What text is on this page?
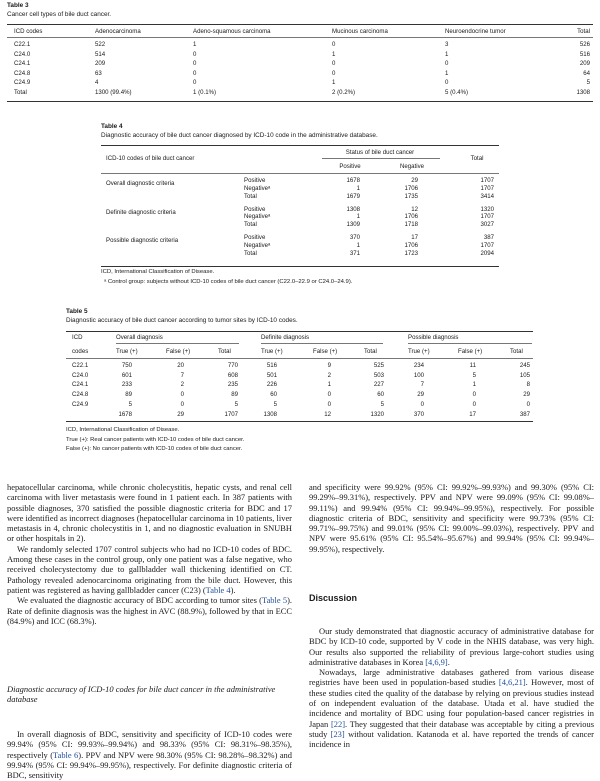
Table 3
Cancer cell types of bile duct cancer.
ICD codes	Adenocarcinoma	Adeno-squamous carcinoma	Mucinous carcinoma	Neuroendocrine tumor	Total
C22.1	522	1	0	3	526
C24.0	514	0	1	1	516
C24.1	209	0	0	0	209
C24.8	63	0	0	1	64
C24.9	4	0	1	0	5
Total	1300 (99.4%)	1 (0.1%)	2 (0.2%)	5 (0.4%)	1308
Table 4
Diagnostic accuracy of bile duct cancer diagnosed by ICD-10 code in the administrative database.
ICD-10 codes of bile duct cancer
Status of bile duct cancer
Positive	Negative
Total
Overall diagnostic criteria	Positive	1678	29	1707
Negativeᵃ	1	1706	1707
Total	1679	1735	3414
Definite diagnostic criteria	Positive	1308	12	1320
Negativeᵃ	1	1706	1707
Total	1309	1718	3027
Possible diagnostic criteria	Positive	370	17	387
Negativeᵃ	1	1706	1707
Total	371	1723	2094
ICD, International Classification of Disease.
ᵃ Control group: subjects without ICD-10 codes of bile duct cancer (C22.0–22.9 or C24.0–24.9).
Table 5
Diagnostic accuracy of bile duct cancer according to tumor sites by ICD-10 codes.
ICD
codes
Overall diagnosis
True (+)	False (+)	Total
Definite diagnosis
True (+)	False (+)	Total
Possible diagnosis
True (+)	False (+)	Total
C22.1	750	20	770	516	9	525	234	11	245
C24.0	601	7	608	501	2	503	100	5	105
C24.1	233	2	235	226	1	227	7	1	8
C24.8	89	0	89	60	0	60	29	0	29
C24.9	5	0	5	5	0	5	0	0	0
1678	29	1707	1308	12	1320	370	17	387
ICD, International Classification of Disease.
True (+): Real cancer patients with ICD-10 codes of bile duct cancer.
False (+): No cancer patients with ICD-10 codes of bile duct cancer.

hepatocellular carcinoma, while chronic cholecystitis, hepatic cysts, and renal cell carcinoma with liver metastasis were found in 1 patient each. In 387 patients with possible diagnoses, 370 satisfied the possible diagnostic criteria for BDC and 17 were identified as incorrect diagnoses (hepatocellular carcinoma in 10 patients, liver metastasis in 4, chronic cholecystitis in 1, and no diagnostic evaluation in SNUBH or other hospitals in 2).

We randomly selected 1707 control subjects who had no ICD-10 codes of BDC. Among these cases in the control group, only one patient was a false negative, who received cholecystectomy due to gallbladder wall thickening identified on CT. Pathology revealed adenocarcinoma originating from the bile duct. However, this patient was registered as having gallbladder cancer (C23) (Table 4).

We evaluated the diagnostic accuracy of BDC according to tumor sites (Table 5). Rate of definite diagnosis was the highest in AVC (88.9%), followed by that in ECC (84.9%) and ICC (68.3%).

Diagnostic accuracy of ICD-10 codes for bile duct cancer in the administrative database

In overall diagnosis of BDC, sensitivity and specificity of ICD-10 codes were 99.94% (95% CI: 99.93%–99.94%) and 98.33% (95% CI: 98.31%–98.35%), respectively (Table 6). PPV and NPV were 98.30% (95% CI: 98.28%–98.32%) and 99.94% (95% CI: 99.94%–99.95%), respectively. For definite diagnostic criteria of BDC, sensitivity

and specificity were 99.92% (95% CI: 99.92%–99.93%) and 99.30% (95% CI: 99.29%–99.31%), respectively. PPV and NPV were 99.09% (95% CI: 99.08%–99.11%) and 99.94% (95% CI: 99.94%–99.95%), respectively. For possible diagnostic criteria of BDC, sensitivity and specificity were 99.73% (95% CI: 99.71%–99.75%) and 99.01% (95% CI: 99.00%–99.03%), respectively. PPV and NPV were 95.61% (95% CI: 95.54%–95.67%) and 99.94% (95% CI: 99.94%–99.95%), respectively.

Discussion

Our study demonstrated that diagnostic accuracy of administrative database for BDC by ICD-10 code, supported by V code in the NHIS database, was very high. Our results also supported the reliability of previous large-cohort studies using administrative databases in Korea [4,6,9].

Nowadays, large administrative databases gathered from various disease registries have been used in population-based studies [4,6,21]. However, most of these studies cited the quality of the database by relying on previous studies instead of on independent evaluation of the database. Utada et al. have studied the incidence and mortality of BDC using four population-based cancer registries in Japan [22]. They suggested that their database was acceptable by citing a previous study [23] without validation. Katanoda et al. have reported the trends of cancer incidence in
